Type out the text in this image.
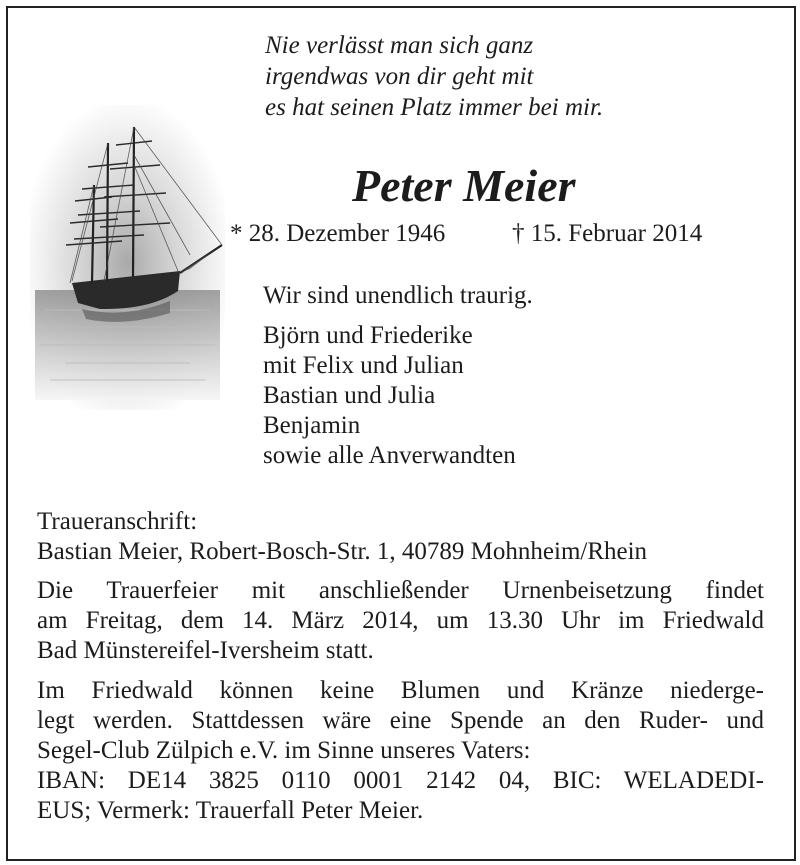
Nie verlässt man sich ganz
irgendwas von dir geht mit
es hat seinen Platz immer bei mir.
Peter Meier
* 28. Dezember 1946	† 15. Februar 2014
Wir sind unendlich traurig.
Björn und Friederike
mit Felix und Julian
Bastian und Julia
Benjamin
sowie alle Anverwandten
Traueranschrift:
Bastian Meier, Robert-Bosch-Str. 1, 40789 Mohnheim/Rhein
Die Trauerfeier mit anschließender Urnenbeisetzung findet
am Freitag, dem 14. März 2014, um 13.30 Uhr im Friedwald
Bad Münstereifel-Iversheim statt.
Im Friedwald können keine Blumen und Kränze niederge-
legt werden. Stattdessen wäre eine Spende an den Ruder- und
Segel-Club Zülpich e.V. im Sinne unseres Vaters:
IBAN: DE14 3825 0110 0001 2142 04, BIC: WELADEDI-
EUS; Vermerk: Trauerfall Peter Meier.
